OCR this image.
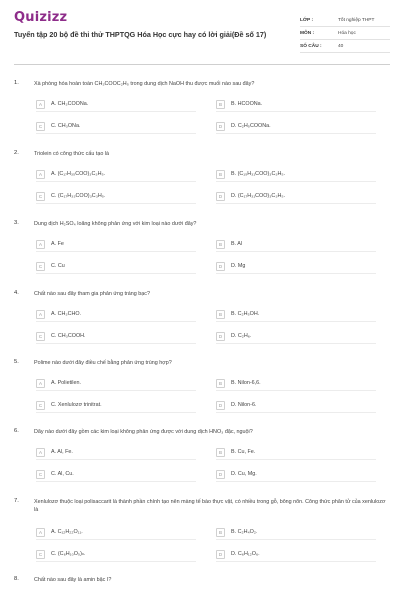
Quizizz
Tuyển tập 20 bộ đề thi thử THPTQG Hóa Học cực hay có lời giải(Đề số 17)
LỚP :	Tốt nghiệp THPT
MÔN :	Hóa học
SỐ CÂU :	40
1.	Xà phòng hóa hoàn toàn CH₃COOC₂H₅ trong dung dịch NaOH thu được muối nào sau đây?
A	A. CH₃COONa.	B	B. HCOONa.
C	C. CH₃ONa.	D	D. C₂H₅COONa.
2.	Triolein có công thức cấu tạo là
A	A. (C₁₇H₃₅COO)₃C₃H₅.	B	B. (C₁₅H₃₁COO)₃C₃H₅.
C	C. (C₁₇H₃₃COO)₃C₃H₅.	D	D. (C₁₇H₃₁COO)₃C₃H₅.
3.	Dung dịch H₂SO₄ loãng không phản ứng với kim loại nào dưới đây?
A	A. Fe	B	B. Al
C	C. Cu	D	D. Mg
4.	Chất nào sau đây tham gia phản ứng tráng bạc?
A	A. CH₃CHO.	B	B. C₂H₅OH.
C	C. CH₃COOH.	D	D. C₂H₆.
5.	Polime nào dưới đây điều chế bằng phản ứng trùng hợp?
A	A. Polietilen.	B	B. Nilon-6,6.
C	C. Xenlulozơ trinitrat.	D	D. Nilon-6.
6.	Dãy nào dưới đây gồm các kim loại không phản ứng được với dung dịch HNO₃ đặc, nguội?
A	A. Al, Fe.	B	B. Cu, Fe.
C	C. Al, Cu.	D	D. Cu, Mg.
7.	Xenlulozơ thuộc loại polisaccarit là thành phần chính tạo nên màng tế bào thực vật, có nhiều trong gỗ, bông nõn. Công thức phân tử của xenlulozơ là
A	A. C₁₂H₂₂O₁₁.	B	B. C₂H₄O₂.
C	C. (C₆H₁₀O₅)ₙ.	D	D. C₆H₁₂O₆.
8.	Chất nào sau đây là amin bậc I?
